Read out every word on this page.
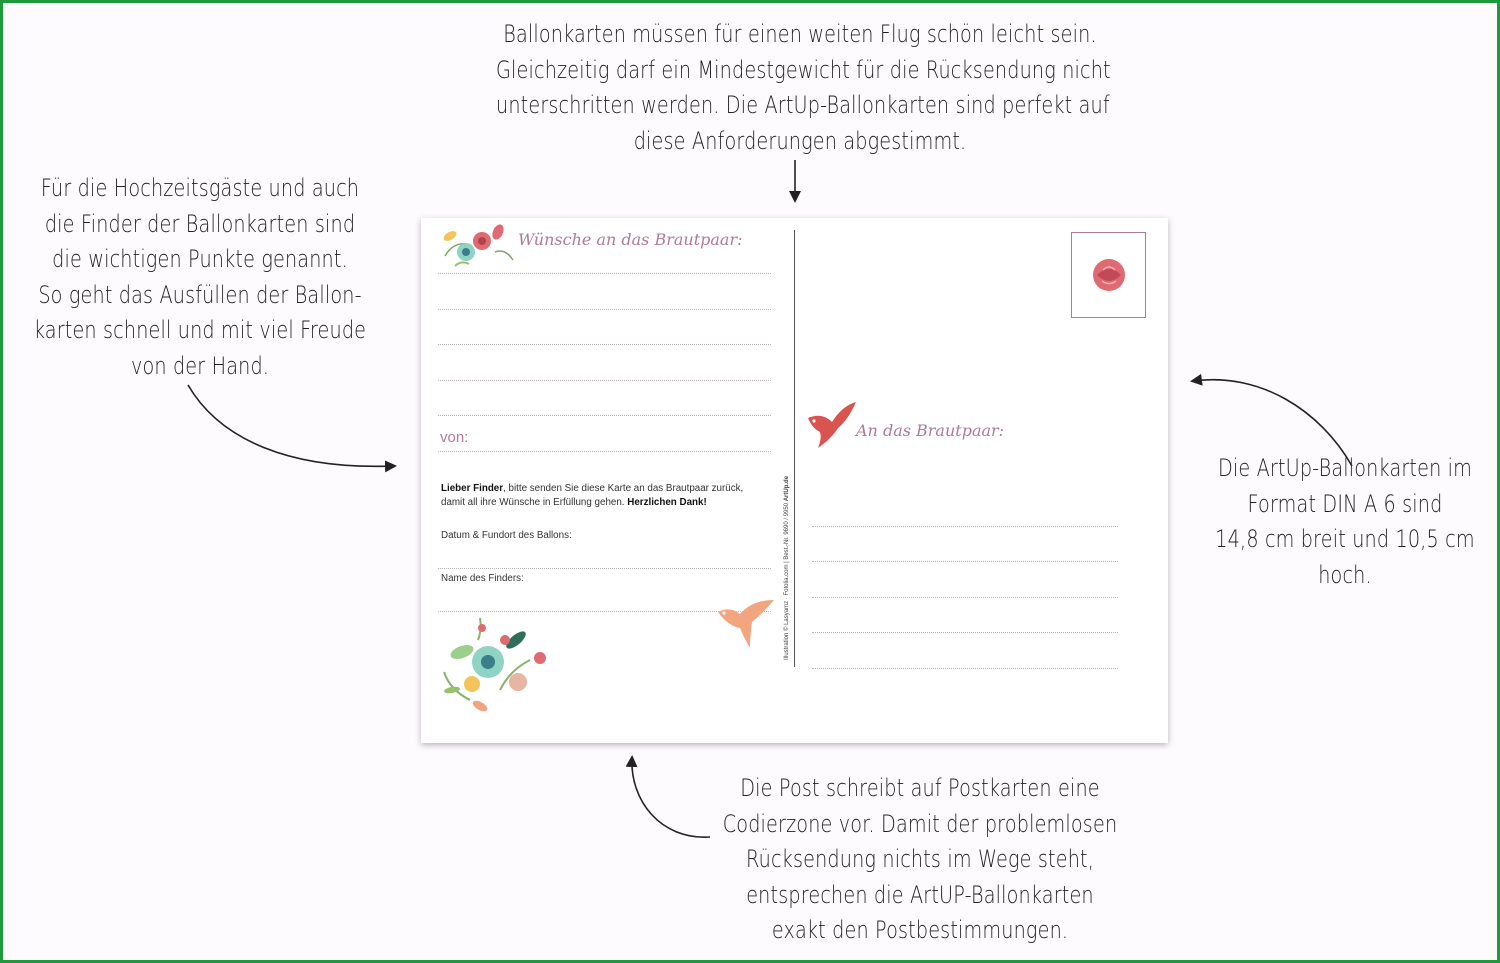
Ballonkarten müssen für einen weiten Flug schön leicht sein.
Gleichzeitig darf ein Mindestgewicht für die Rücksendung nicht
unterschritten werden. Die ArtUp-Ballonkarten sind perfekt auf
diese Anforderungen abgestimmt.
Für die Hochzeitsgäste und auch
die Finder der Ballonkarten sind
die wichtigen Punkte genannt.
So geht das Ausfüllen der Ballon-
karten schnell und mit viel Freude
von der Hand.
Die ArtUp-Ballonkarten im
Format DIN A 6 sind
14,8 cm breit und 10,5 cm
hoch.
Die Post schreibt auf Postkarten eine
Codierzone vor. Damit der problemlosen
Rücksendung nichts im Wege steht,
entsprechen die ArtUP-Ballonkarten
exakt den Postbestimmungen.
Wünsche an das Brautpaar:
von:
Lieber Finder, bitte senden Sie diese Karte an das Brautpaar zurück,
damit all ihre Wünsche in Erfüllung gehen. Herzlichen Dank!
Datum & Fundort des Ballons:
Name des Finders:
An das Brautpaar:
Illustration © Lasyamz · Fotolia.com | Best.-Nr. 9690 / 9950 ArtUp.de
